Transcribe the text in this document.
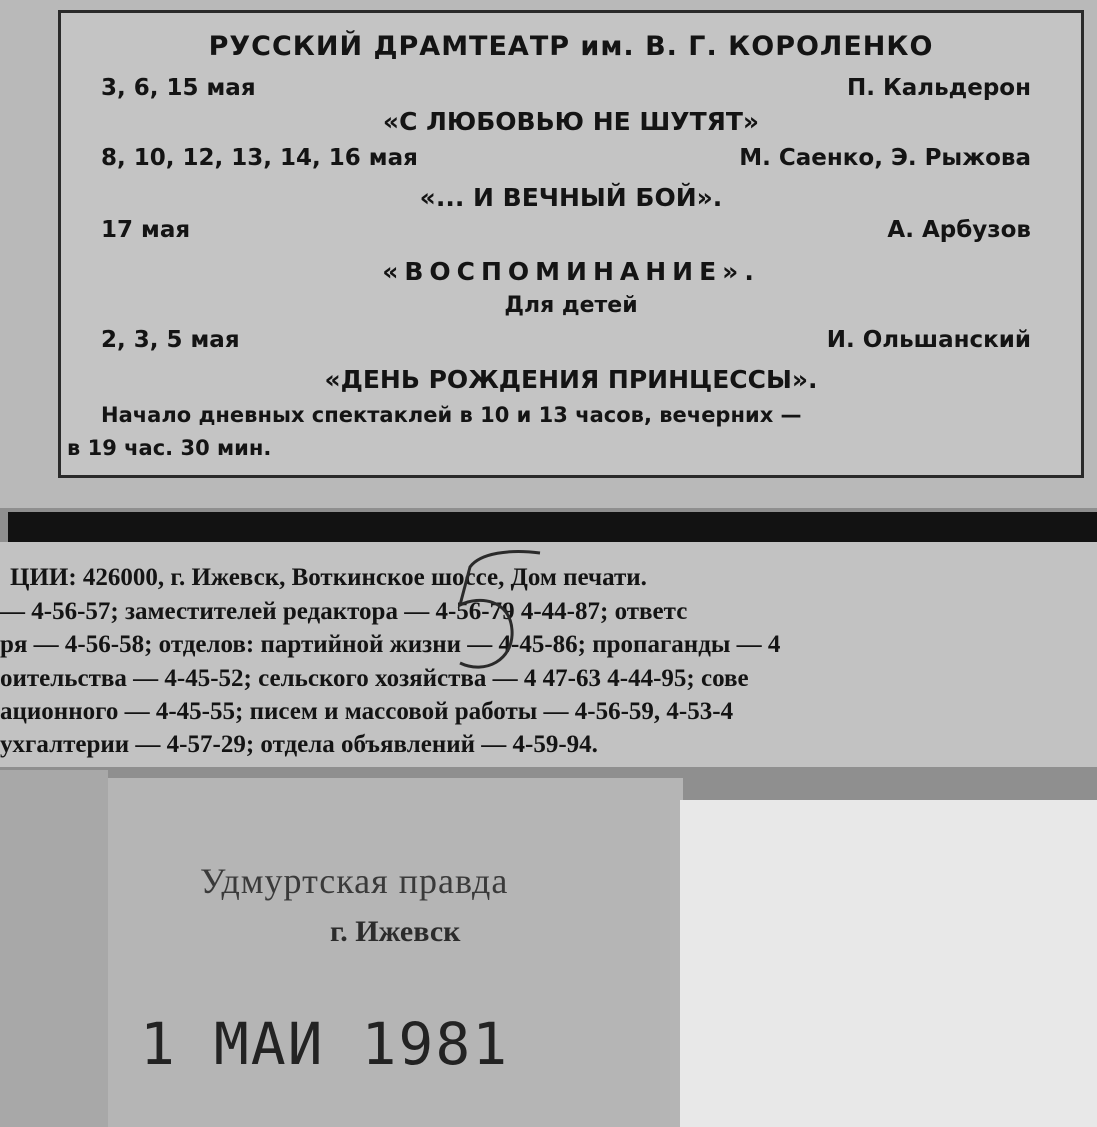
РУССКИЙ ДРАМТЕАТР им. В. Г. КОРОЛЕНКО
3, 6, 15 мая	П. Кальдерон
«С ЛЮБОВЬЮ НЕ ШУТЯТ»
8, 10, 12, 13, 14, 16 мая	М. Саенко, Э. Рыжова
«... И ВЕЧНЫЙ БОЙ».
17 мая	А. Арбузов
«ВОСПОМИНАНИЕ».
Для детей
2, 3, 5 мая	И. Ольшанский
«ДЕНЬ РОЖДЕНИЯ ПРИНЦЕССЫ».
Начало дневных спектаклей в 10 и 13 часов, вечерних —
в 19 час. 30 мин.
ЦИИ: 426000, г. Ижевск, Воткинское шоссе, Дом печати.
— 4-56-57; заместителей редактора — 4-56-79 4-44-87; ответс
ря — 4-56-58; отделов: партийной жизни — 4-45-86; пропаганды — 4
оительства — 4-45-52; сельского хозяйства — 4 47-63 4-44-95; сове
ационного — 4-45-55; писем и массовой работы — 4-56-59, 4-53-4
ухгалтерии — 4-57-29; отдела объявлений — 4-59-94.
Удмуртская правда
г. Ижевск
1 МАИ 1981
